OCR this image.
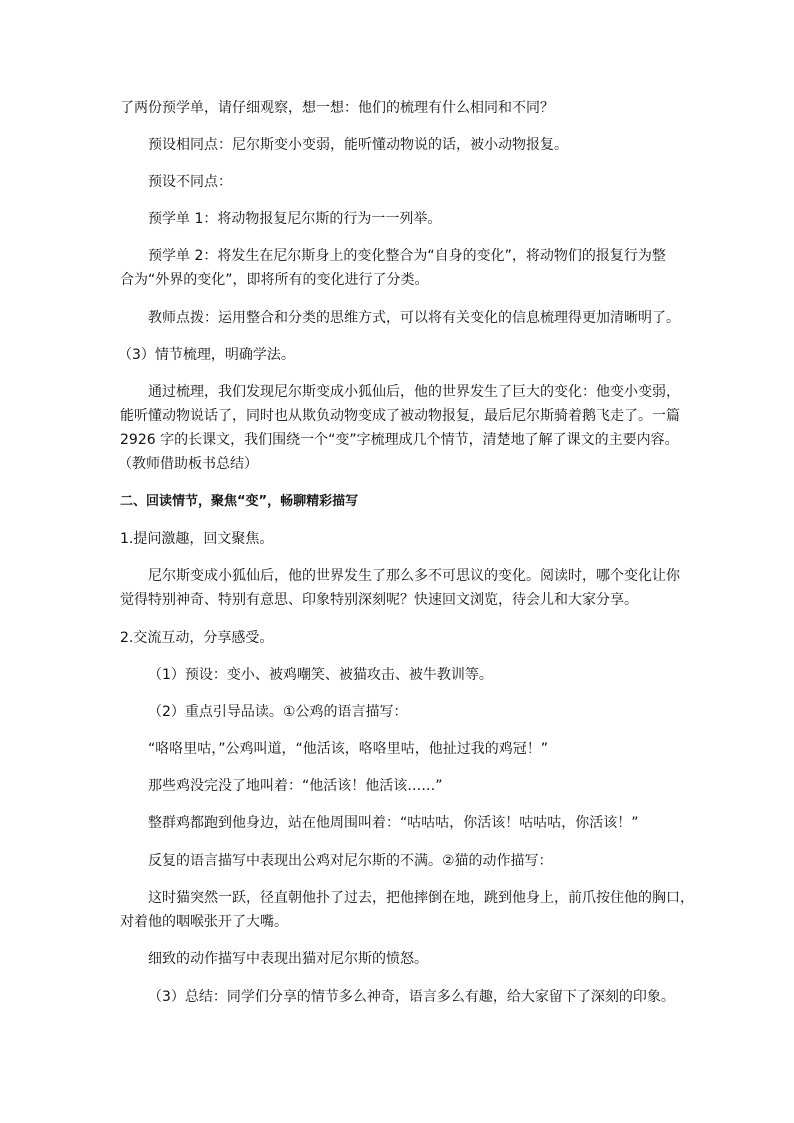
了两份预学单，请仔细观察，想一想：他们的梳理有什么相同和不同？
预设相同点：尼尔斯变小变弱，能听懂动物说的话，被小动物报复。
预设不同点：
预学单 1：将动物报复尼尔斯的行为一一列举。
预学单 2：将发生在尼尔斯身上的变化整合为“自身的变化”，将动物们的报复行为整
合为“外界的变化”，即将所有的变化进行了分类。
教师点拨：运用整合和分类的思维方式，可以将有关变化的信息梳理得更加清晰明了。
（3）情节梳理，明确学法。
通过梳理，我们发现尼尔斯变成小狐仙后，他的世界发生了巨大的变化：他变小变弱，
能听懂动物说话了，同时也从欺负动物变成了被动物报复，最后尼尔斯骑着鹅飞走了。一篇
2926 字的长课文，我们围绕一个“变”字梳理成几个情节，清楚地了解了课文的主要内容。
（教师借助板书总结）
二、回读情节，聚焦“变”，畅聊精彩描写
1.提问激趣，回文聚焦。
尼尔斯变成小狐仙后，他的世界发生了那么多不可思议的变化。阅读时，哪个变化让你
觉得特别神奇、特别有意思、印象特别深刻呢？快速回文浏览，待会儿和大家分享。
2.交流互动，分享感受。
（1）预设：变小、被鸡嘲笑、被猫攻击、被牛教训等。
（2）重点引导品读。①公鸡的语言描写：
“咯咯里咕，”公鸡叫道，“他活该，咯咯里咕，他扯过我的鸡冠！”
那些鸡没完没了地叫着：“他活该！他活该……”
整群鸡都跑到他身边，站在他周围叫着：“咕咕咕，你活该！咕咕咕，你活该！”
反复的语言描写中表现出公鸡对尼尔斯的不满。②猫的动作描写：
这时猫突然一跃，径直朝他扑了过去，把他摔倒在地，跳到他身上，前爪按住他的胸口，
对着他的咽喉张开了大嘴。
细致的动作描写中表现出猫对尼尔斯的愤怒。
（3）总结：同学们分享的情节多么神奇，语言多么有趣，给大家留下了深刻的印象。
